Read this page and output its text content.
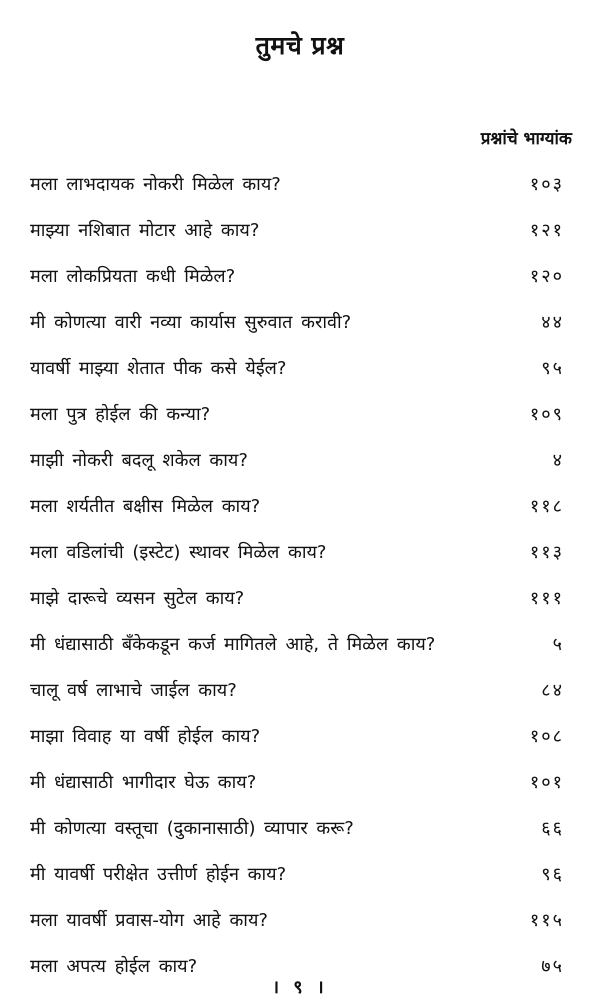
तुमचे प्रश्न
प्रश्नांचे भाग्यांक
मला लाभदायक नोकरी मिळेल काय?	१०३
माझ्या नशिबात मोटार आहे काय?	१२१
मला लोकप्रियता कधी मिळेल?	१२०
मी कोणत्या वारी नव्या कार्यास सुरुवात करावी?	४४
यावर्षी माझ्या शेतात पीक कसे येईल?	९५
मला पुत्र होईल की कन्या?	१०९
माझी नोकरी बदलू शकेल काय?	४
मला शर्यतीत बक्षीस मिळेल काय?	११८
मला वडिलांची (इस्टेट) स्थावर मिळेल काय?	११३
माझे दारूचे व्यसन सुटेल काय?	१११
मी धंद्यासाठी बँकेकडून कर्ज मागितले आहे, ते मिळेल काय?	५
चालू वर्ष लाभाचे जाईल काय?	८४
माझा विवाह या वर्षी होईल काय?	१०८
मी धंद्यासाठी भागीदार घेऊ काय?	१०१
मी कोणत्या वस्तूचा (दुकानासाठी) व्यापार करू?	६६
मी यावर्षी परीक्षेत उत्तीर्ण होईन काय?	९६
मला यावर्षी प्रवास-योग आहे काय?	११५
मला अपत्य होईल काय?	७५
। ९ ।
